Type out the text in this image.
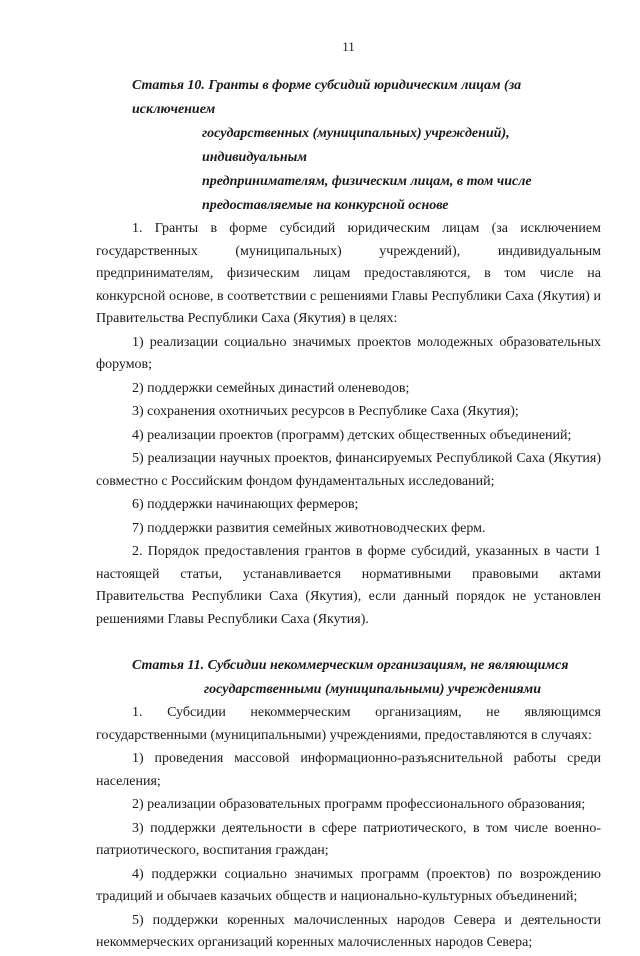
11
Статья 10. Гранты в форме субсидий юридическим лицам (за исключением
государственных (муниципальных) учреждений), индивидуальным
предпринимателям, физическим лицам, в том числе
предоставляемые на конкурсной основе

1. Гранты в форме субсидий юридическим лицам (за исключением государственных (муниципальных) учреждений), индивидуальным предпринимателям, физическим лицам предоставляются, в том числе на конкурсной основе, в соответствии с решениями Главы Республики Саха (Якутия) и Правительства Республики Саха (Якутия) в целях:

1) реализации социально значимых проектов молодежных образовательных форумов;

2) поддержки семейных династий оленеводов;

3) сохранения охотничьих ресурсов в Республике Саха (Якутия);

4) реализации проектов (программ) детских общественных объединений;

5) реализации научных проектов, финансируемых Республикой Саха (Якутия) совместно с Российским фондом фундаментальных исследований;

6) поддержки начинающих фермеров;

7) поддержки развития семейных животноводческих ферм.

2. Порядок предоставления грантов в форме субсидий, указанных в части 1 настоящей статьи, устанавливается нормативными правовыми актами Правительства Республики Саха (Якутия), если данный порядок не установлен решениями Главы Республики Саха (Якутия).

Статья 11. Субсидии некоммерческим организациям, не являющимся
государственными (муниципальными) учреждениями

1. Субсидии некоммерческим организациям, не являющимся государственными (муниципальными) учреждениями, предоставляются в случаях:

1) проведения массовой информационно-разъяснительной работы среди населения;

2) реализации образовательных программ профессионального образования;

3) поддержки деятельности в сфере патриотического, в том числе военно-патриотического, воспитания граждан;

4) поддержки социально значимых программ (проектов) по возрождению традиций и обычаев казачьих обществ и национально-культурных объединений;

5) поддержки коренных малочисленных народов Севера и деятельности некоммерческих организаций коренных малочисленных народов Севера;
